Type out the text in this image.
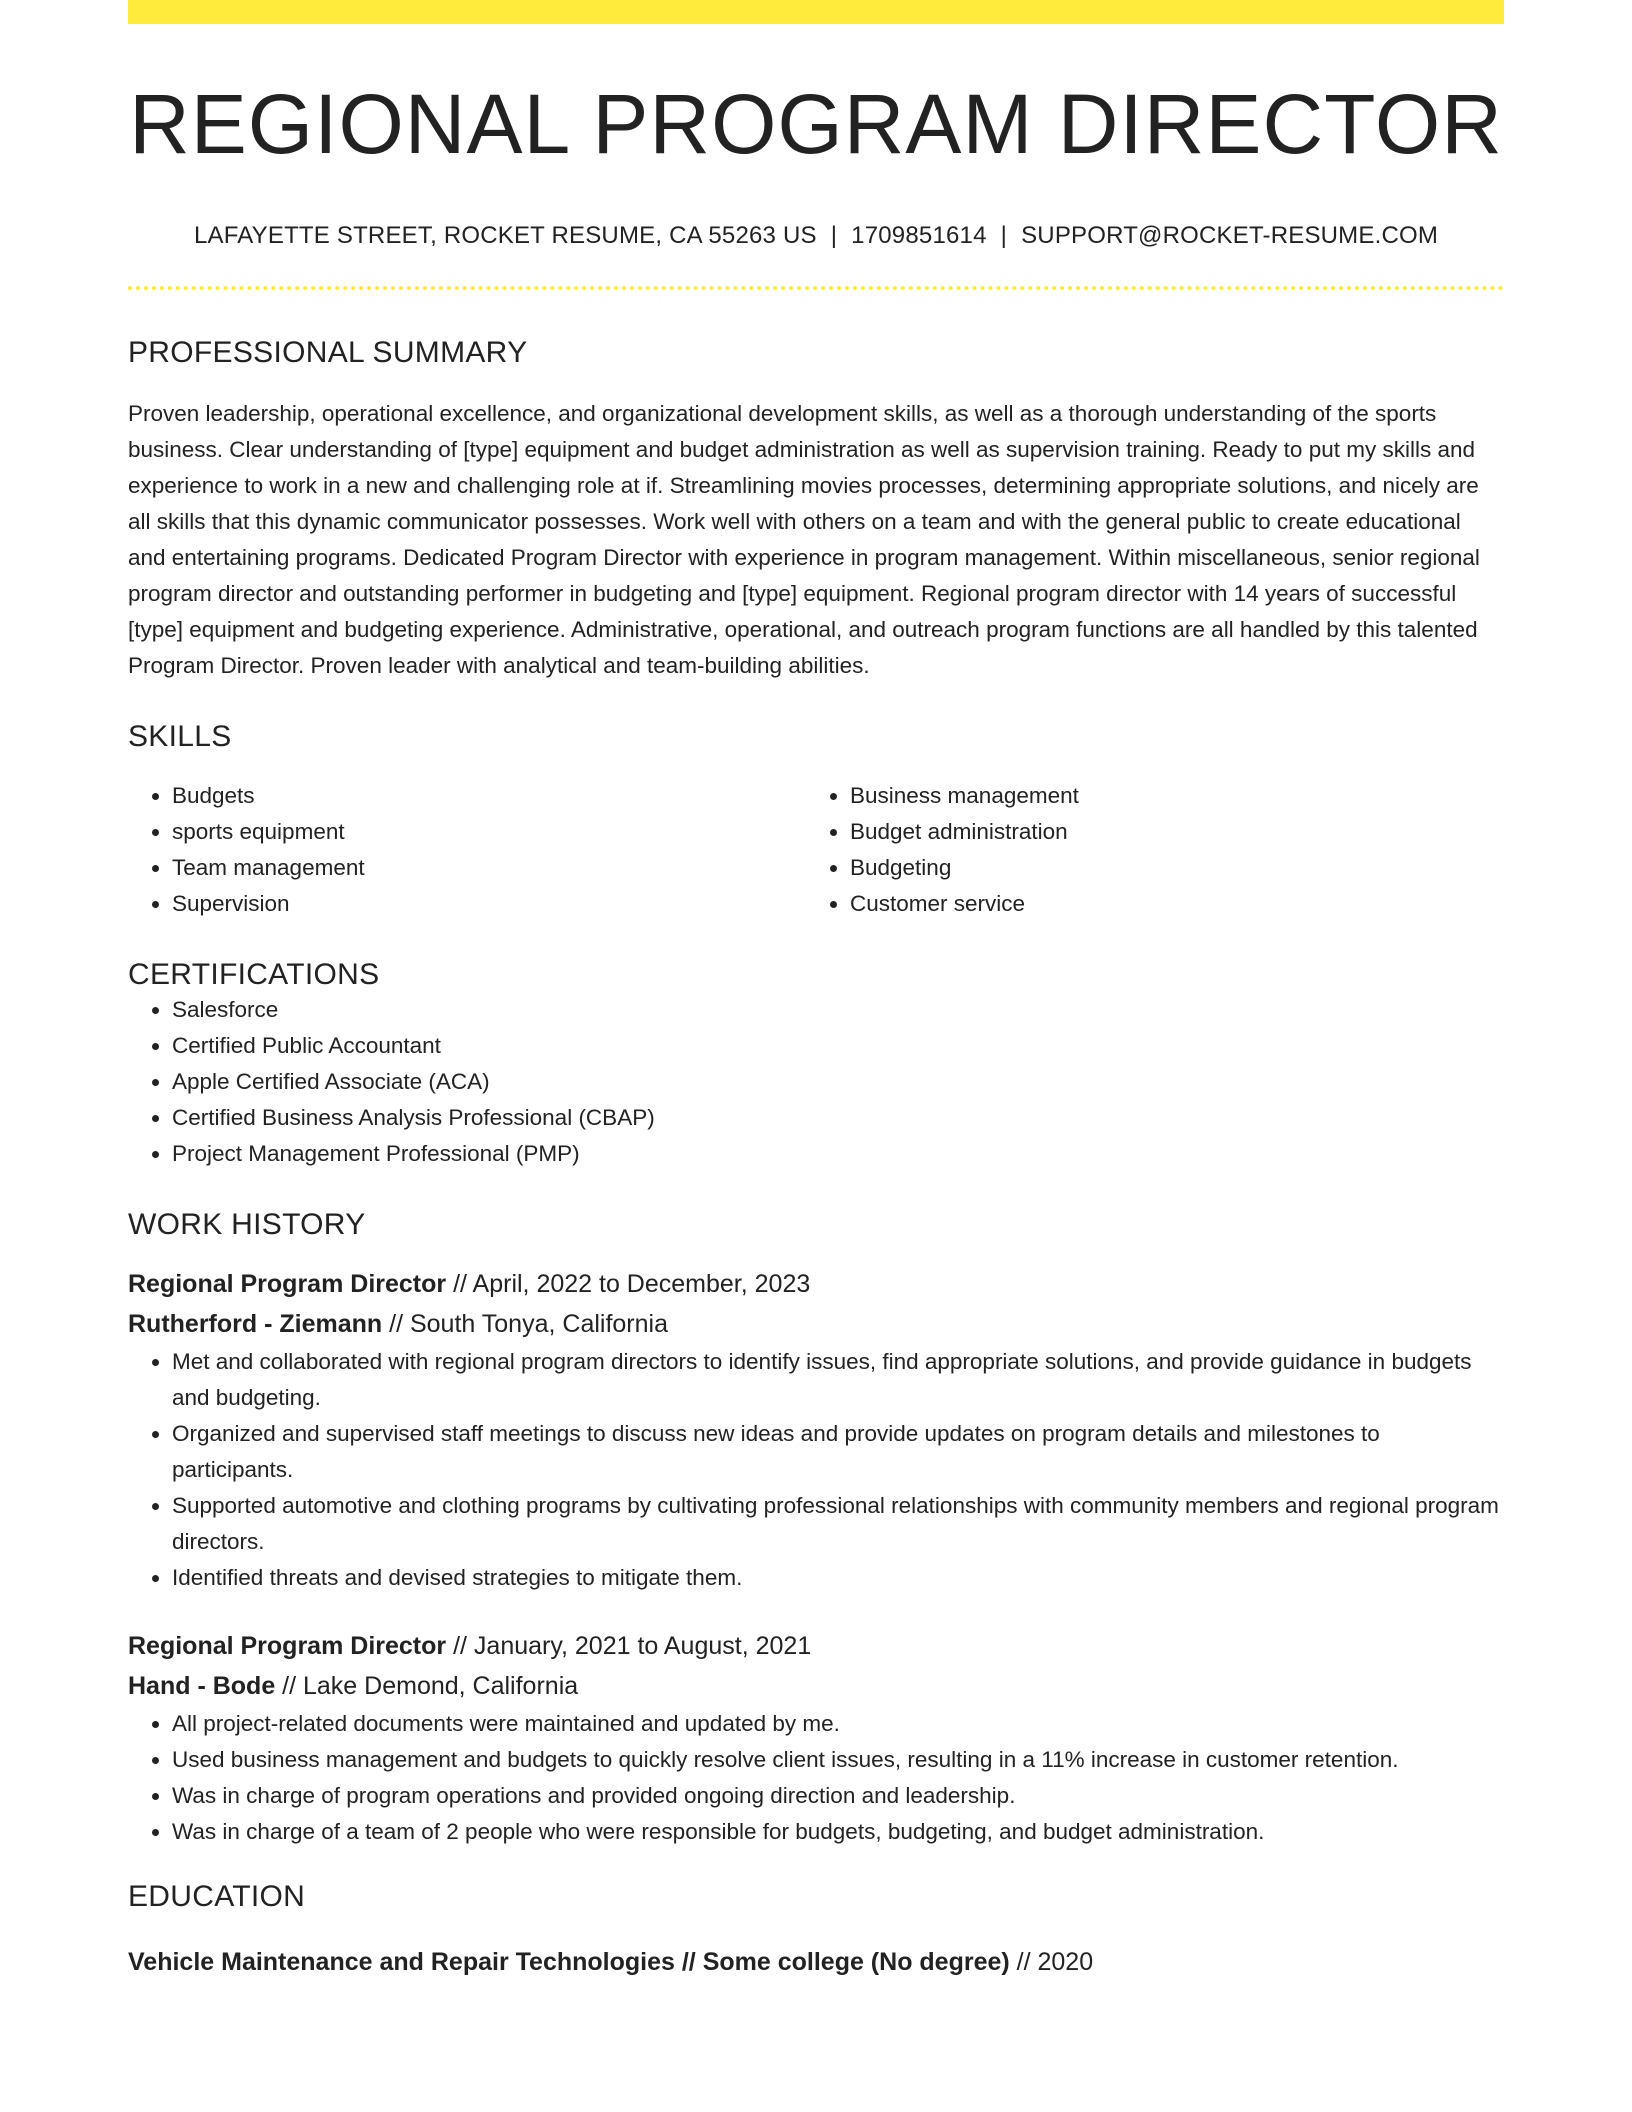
REGIONAL PROGRAM DIRECTOR
LAFAYETTE STREET, ROCKET RESUME, CA 55263 US | 1709851614 | SUPPORT@ROCKET-RESUME.COM
PROFESSIONAL SUMMARY

Proven leadership, operational excellence, and organizational development skills, as well as a thorough understanding of the sports business. Clear understanding of [type] equipment and budget administration as well as supervision training. Ready to put my skills and experience to work in a new and challenging role at if. Streamlining movies processes, determining appropriate solutions, and nicely are all skills that this dynamic communicator possesses. Work well with others on a team and with the general public to create educational and entertaining programs. Dedicated Program Director with experience in program management. Within miscellaneous, senior regional program director and outstanding performer in budgeting and [type] equipment. Regional program director with 14 years of successful [type] equipment and budgeting experience. Administrative, operational, and outreach program functions are all handled by this talented Program Director. Proven leader with analytical and team-building abilities.

SKILLS
• Budgets
• sports equipment
• Team management
• Supervision
• Business management
• Budget administration
• Budgeting
• Customer service
CERTIFICATIONS
• Salesforce
• Certified Public Accountant
• Apple Certified Associate (ACA)
• Certified Business Analysis Professional (CBAP)
• Project Management Professional (PMP)
WORK HISTORY
Regional Program Director // April, 2022 to December, 2023
Rutherford - Ziemann // South Tonya, California
• Met and collaborated with regional program directors to identify issues, find appropriate solutions, and provide guidance in budgets and budgeting.
• Organized and supervised staff meetings to discuss new ideas and provide updates on program details and milestones to participants.
• Supported automotive and clothing programs by cultivating professional relationships with community members and regional program directors.
• Identified threats and devised strategies to mitigate them.
Regional Program Director // January, 2021 to August, 2021
Hand - Bode // Lake Demond, California
• All project-related documents were maintained and updated by me.
• Used business management and budgets to quickly resolve client issues, resulting in a 11% increase in customer retention.
• Was in charge of program operations and provided ongoing direction and leadership.
• Was in charge of a team of 2 people who were responsible for budgets, budgeting, and budget administration.
EDUCATION
Vehicle Maintenance and Repair Technologies // Some college (No degree) // 2020
